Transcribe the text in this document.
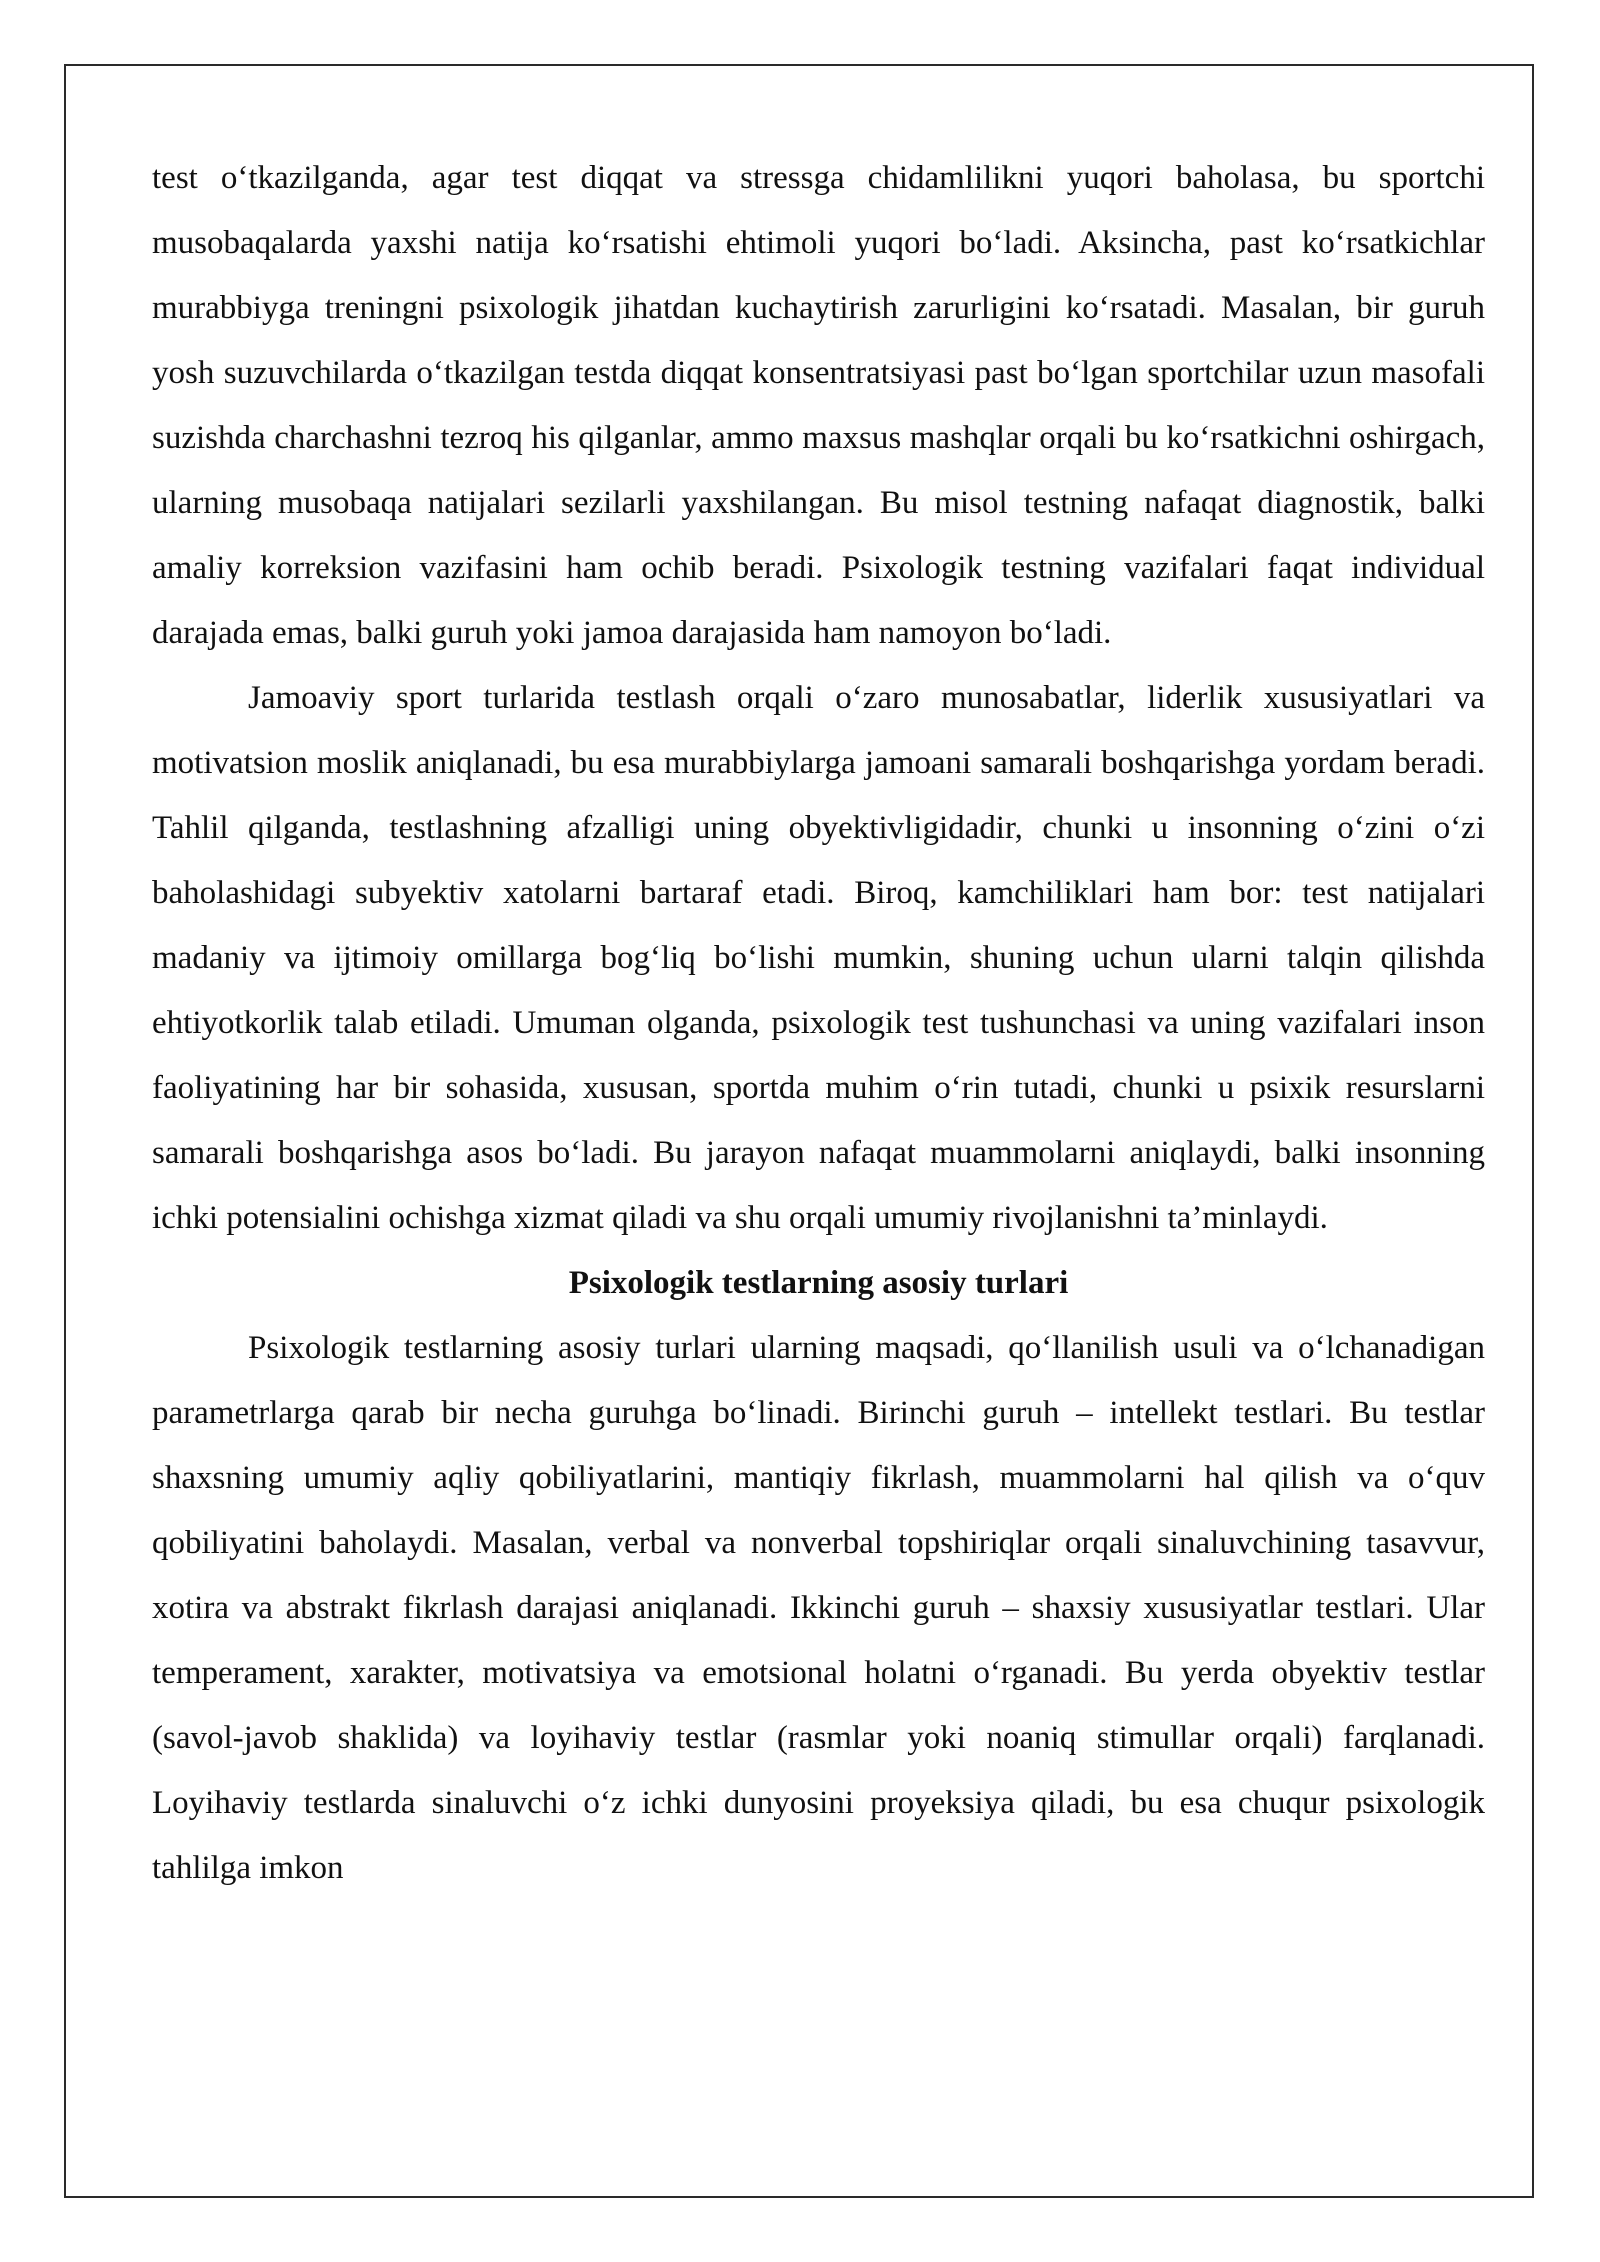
test o‘tkazilganda, agar test diqqat va stressga chidamlilikni yuqori baholasa, bu sportchi musobaqalarda yaxshi natija ko‘rsatishi ehtimoli yuqori bo‘ladi. Aksincha, past ko‘rsatkichlar murabbiyga treningni psixologik jihatdan kuchaytirish zarurligini ko‘rsatadi. Masalan, bir guruh yosh suzuvchilarda o‘tkazilgan testda diqqat konsentratsiyasi past bo‘lgan sportchilar uzun masofali suzishda charchashni tezroq his qilganlar, ammo maxsus mashqlar orqali bu ko‘rsatkichni oshirgach, ularning musobaqa natijalari sezilarli yaxshilangan. Bu misol testning nafaqat diagnostik, balki amaliy korreksion vazifasini ham ochib beradi. Psixologik testning vazifalari faqat individual darajada emas, balki guruh yoki jamoa darajasida ham namoyon bo‘ladi.

Jamoaviy sport turlarida testlash orqali o‘zaro munosabatlar, liderlik xususiyatlari va motivatsion moslik aniqlanadi, bu esa murabbiylarga jamoani samarali boshqarishga yordam beradi. Tahlil qilganda, testlashning afzalligi uning obyektivligidadir, chunki u insonning o‘zini o‘zi baholashidagi subyektiv xatolarni bartaraf etadi. Biroq, kamchiliklari ham bor: test natijalari madaniy va ijtimoiy omillarga bog‘liq bo‘lishi mumkin, shuning uchun ularni talqin qilishda ehtiyotkorlik talab etiladi. Umuman olganda, psixologik test tushunchasi va uning vazifalari inson faoliyatining har bir sohasida, xususan, sportda muhim o‘rin tutadi, chunki u psixik resurslarni samarali boshqarishga asos bo‘ladi. Bu jarayon nafaqat muammolarni aniqlaydi, balki insonning ichki potensialini ochishga xizmat qiladi va shu orqali umumiy rivojlanishni ta’minlaydi.

Psixologik testlarning asosiy turlari

Psixologik testlarning asosiy turlari ularning maqsadi, qo‘llanilish usuli va o‘lchanadigan parametrlarga qarab bir necha guruhga bo‘linadi. Birinchi guruh – intellekt testlari. Bu testlar shaxsning umumiy aqliy qobiliyatlarini, mantiqiy fikrlash, muammolarni hal qilish va o‘quv qobiliyatini baholaydi. Masalan, verbal va nonverbal topshiriqlar orqali sinaluvchining tasavvur, xotira va abstrakt fikrlash darajasi aniqlanadi. Ikkinchi guruh – shaxsiy xususiyatlar testlari. Ular temperament, xarakter, motivatsiya va emotsional holatni o‘rganadi. Bu yerda obyektiv testlar (savol-javob shaklida) va loyihaviy testlar (rasmlar yoki noaniq stimullar orqali) farqlanadi. Loyihaviy testlarda sinaluvchi o‘z ichki dunyosini proyeksiya qiladi, bu esa chuqur psixologik tahlilga imkon
